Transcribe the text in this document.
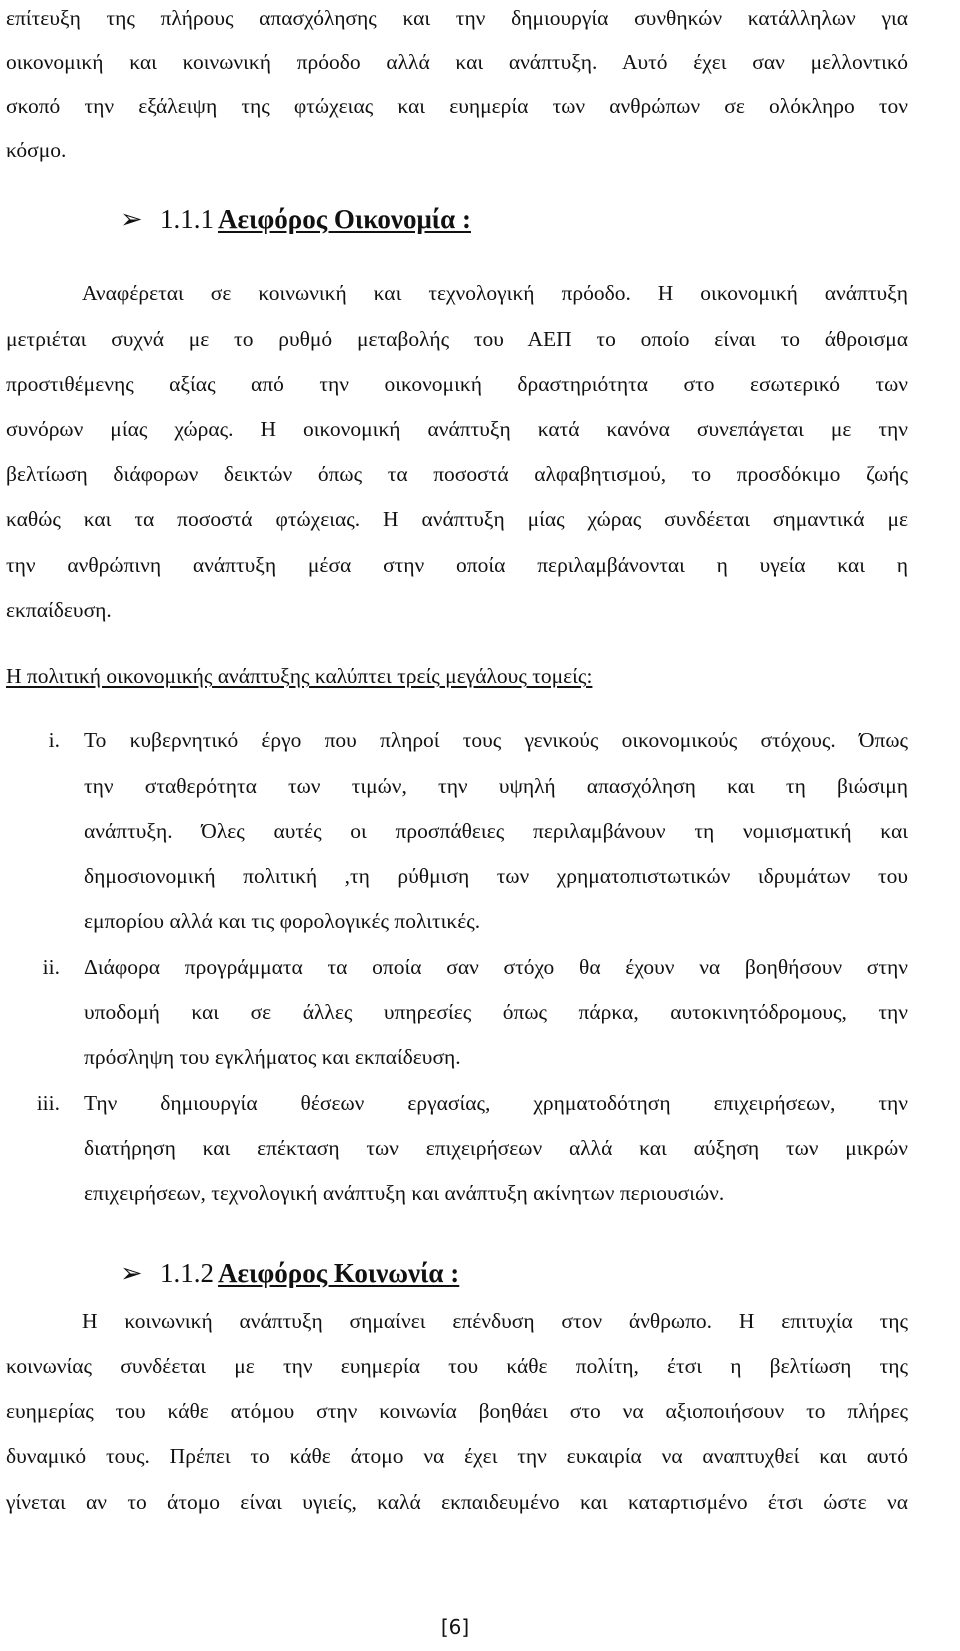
επίτευξη της πλήρους απασχόλησης και την δημιουργία συνθηκών κατάλληλων για

οικονομική και κοινωνική πρόοδο αλλά και ανάπτυξη. Αυτό έχει σαν μελλοντικό

σκοπό την εξάλειψη της φτώχειας και ευημερία των ανθρώπων σε ολόκληρο τον

κόσμο.

➢ 1.1.1 Αειφόρος Οικονομία :

Αναφέρεται σε κοινωνική και τεχνολογική πρόοδο. Η οικονομική ανάπτυξη

μετριέται συχνά με το ρυθμό μεταβολής του ΑΕΠ το οποίο είναι το άθροισμα

προστιθέμενης αξίας από την οικονομική δραστηριότητα στο εσωτερικό των

συνόρων μίας χώρας. Η οικονομική ανάπτυξη κατά κανόνα συνεπάγεται με την

βελτίωση διάφορων δεικτών όπως τα ποσοστά αλφαβητισμού, το προσδόκιμο ζωής

καθώς και τα ποσοστά φτώχειας. Η ανάπτυξη μίας χώρας συνδέεται σημαντικά με

την ανθρώπινη ανάπτυξη μέσα στην οποία περιλαμβάνονται η υγεία και η

εκπαίδευση.

Η πολιτική οικονομικής ανάπτυξης καλύπτει τρείς μεγάλους τομείς:

i. Το κυβερνητικό έργο που πληροί τους γενικούς οικονομικούς στόχους. Όπως

την σταθερότητα των τιμών, την υψηλή απασχόληση και τη βιώσιμη

ανάπτυξη. Όλες αυτές οι προσπάθειες περιλαμβάνουν τη νομισματική και

δημοσιονομική πολιτική ,τη ρύθμιση των χρηματοπιστωτικών ιδρυμάτων του

εμπορίου αλλά και τις φορολογικές πολιτικές.

ii. Διάφορα προγράμματα τα οποία σαν στόχο θα έχουν να βοηθήσουν στην

υποδομή και σε άλλες υπηρεσίες όπως πάρκα, αυτοκινητόδρομους, την

πρόσληψη του εγκλήματος και εκπαίδευση.

iii. Την δημιουργία θέσεων εργασίας, χρηματοδότηση επιχειρήσεων, την

διατήρηση και επέκταση των επιχειρήσεων αλλά και αύξηση των μικρών

επιχειρήσεων, τεχνολογική ανάπτυξη και ανάπτυξη ακίνητων περιουσιών.

➢ 1.1.2 Αειφόρος Κοινωνία :

Η κοινωνική ανάπτυξη σημαίνει επένδυση στον άνθρωπο. Η επιτυχία της

κοινωνίας συνδέεται με την ευημερία του κάθε πολίτη, έτσι η βελτίωση της

ευημερίας του κάθε ατόμου στην κοινωνία βοηθάει στο να αξιοποιήσουν το πλήρες

δυναμικό τους. Πρέπει το κάθε άτομο να έχει την ευκαιρία να αναπτυχθεί και αυτό

γίνεται αν το άτομο είναι υγιείς, καλά εκπαιδευμένο και καταρτισμένο έτσι ώστε να

[6]
